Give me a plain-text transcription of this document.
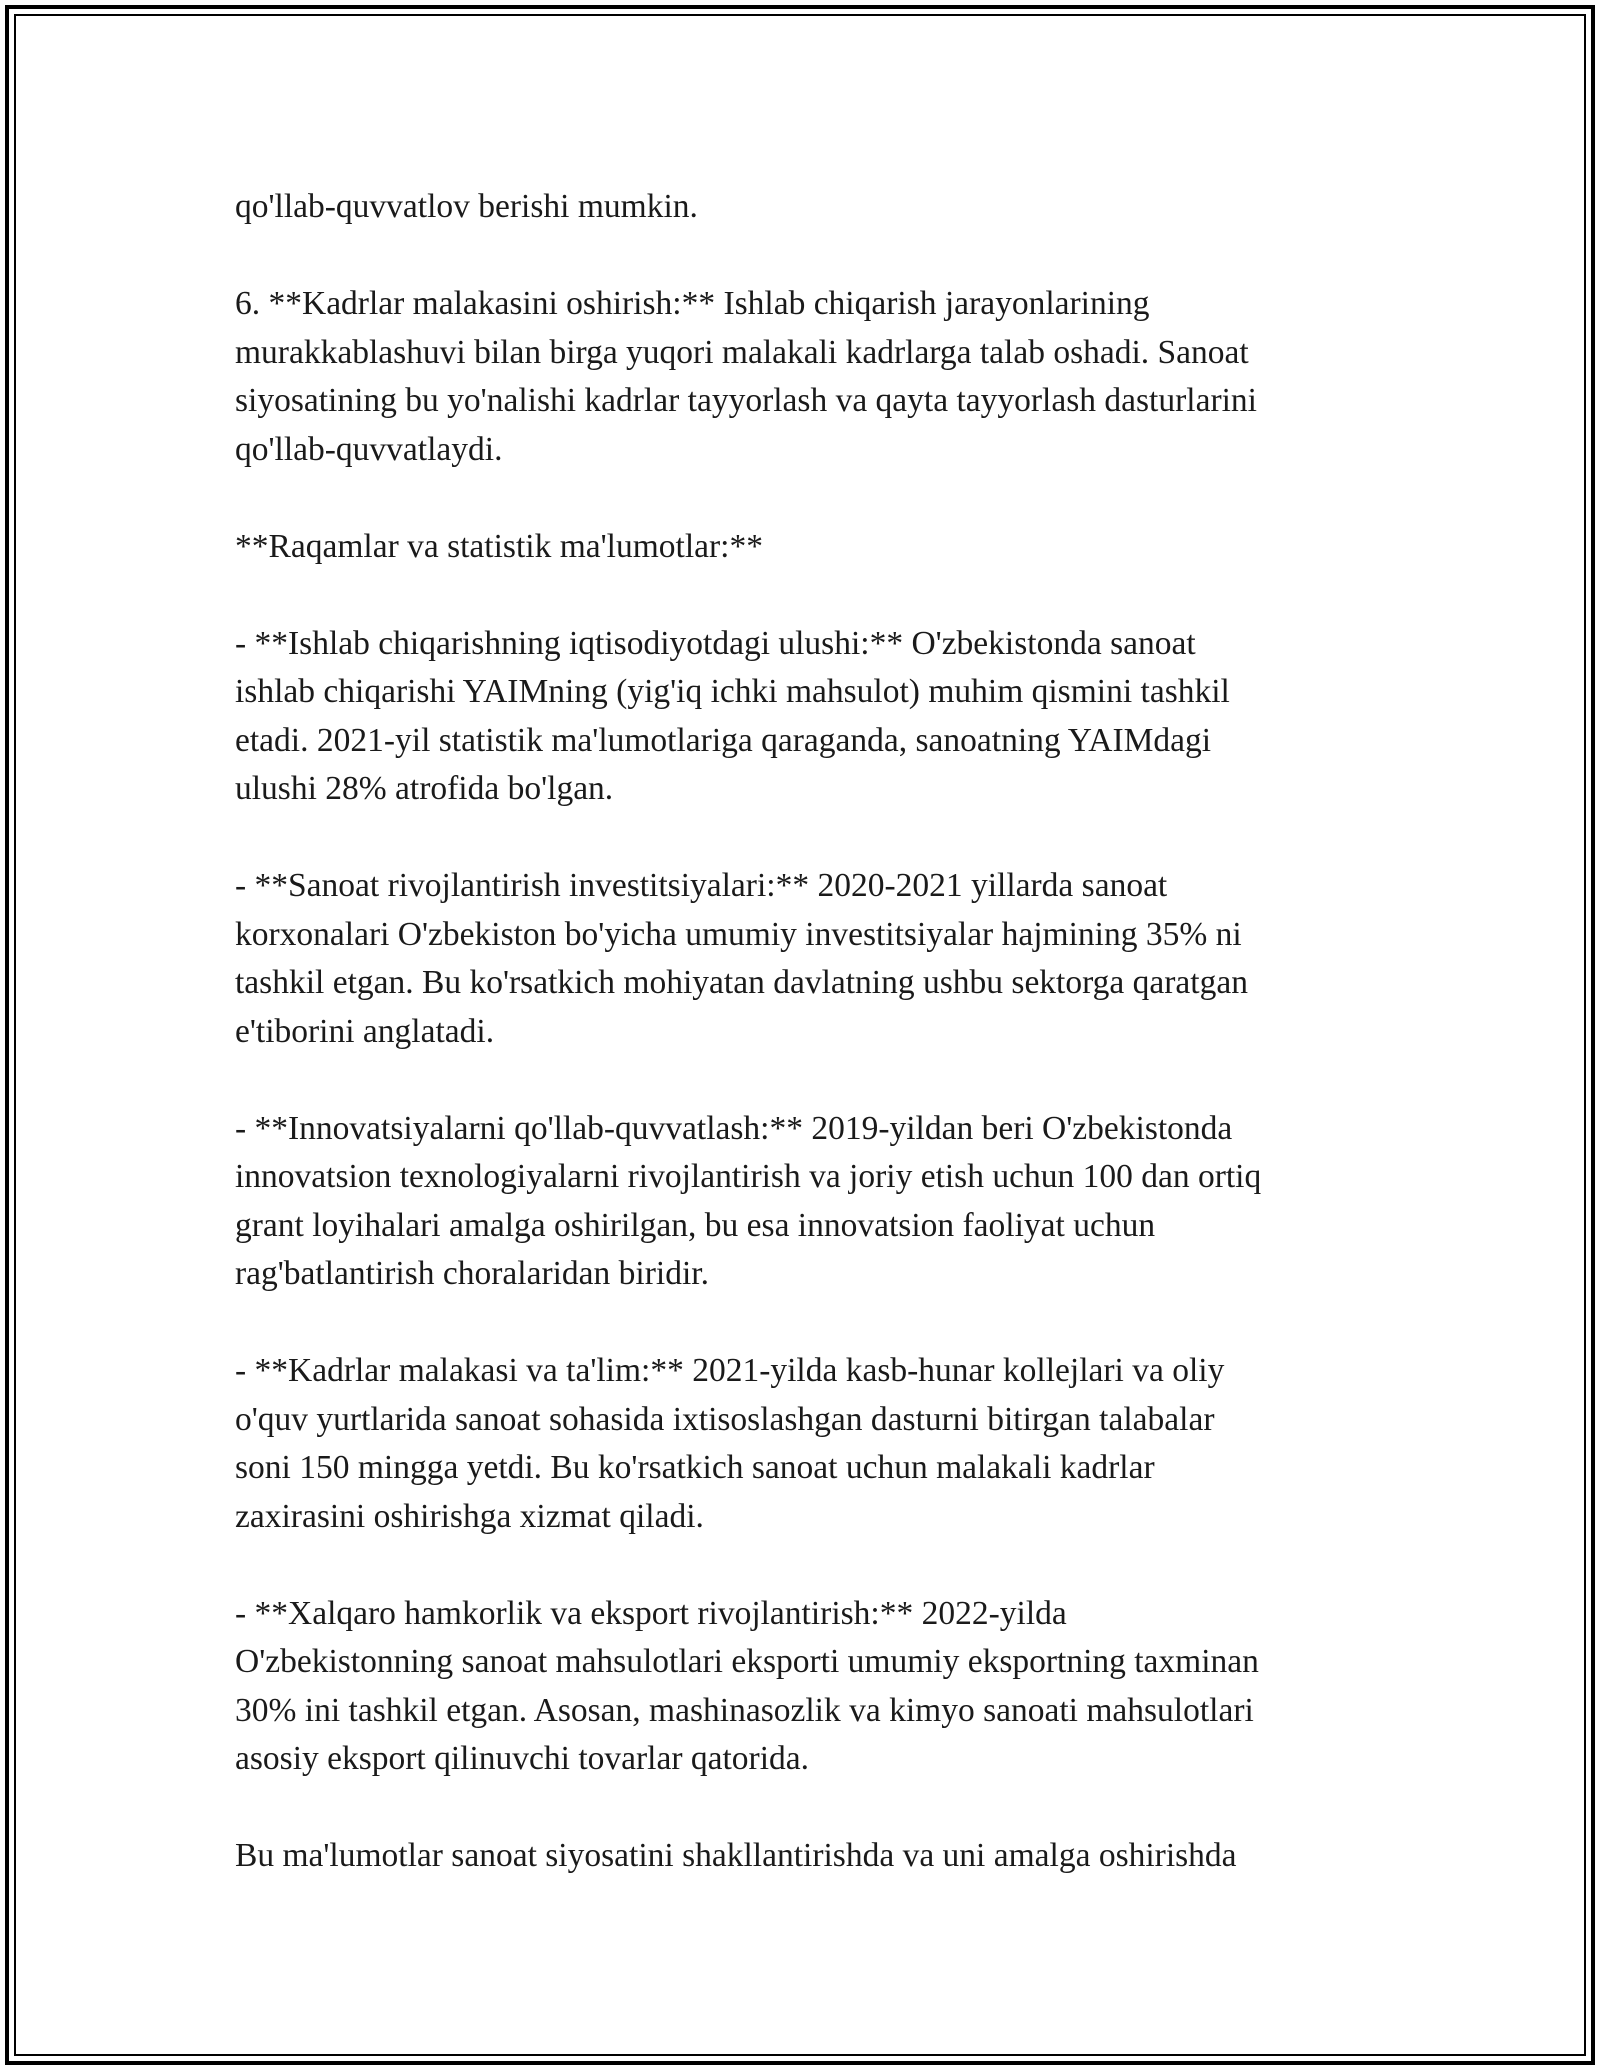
qo'llab-quvvatlov berishi mumkin.

6. **Kadrlar malakasini oshirish:** Ishlab chiqarish jarayonlarining
murakkablashuvi bilan birga yuqori malakali kadrlarga talab oshadi. Sanoat
siyosatining bu yo'nalishi kadrlar tayyorlash va qayta tayyorlash dasturlarini
qo'llab-quvvatlaydi.

**Raqamlar va statistik ma'lumotlar:**

- **Ishlab chiqarishning iqtisodiyotdagi ulushi:** O'zbekistonda sanoat
ishlab chiqarishi YAIMning (yig'iq ichki mahsulot) muhim qismini tashkil
etadi. 2021-yil statistik ma'lumotlariga qaraganda, sanoatning YAIMdagi
ulushi 28% atrofida bo'lgan.

- **Sanoat rivojlantirish investitsiyalari:** 2020-2021 yillarda sanoat
korxonalari O'zbekiston bo'yicha umumiy investitsiyalar hajmining 35% ni
tashkil etgan. Bu ko'rsatkich mohiyatan davlatning ushbu sektorga qaratgan
e'tiborini anglatadi.

- **Innovatsiyalarni qo'llab-quvvatlash:** 2019-yildan beri O'zbekistonda
innovatsion texnologiyalarni rivojlantirish va joriy etish uchun 100 dan ortiq
grant loyihalari amalga oshirilgan, bu esa innovatsion faoliyat uchun
rag'batlantirish choralaridan biridir.

- **Kadrlar malakasi va ta'lim:** 2021-yilda kasb-hunar kollejlari va oliy
o'quv yurtlarida sanoat sohasida ixtisoslashgan dasturni bitirgan talabalar
soni 150 mingga yetdi. Bu ko'rsatkich sanoat uchun malakali kadrlar
zaxirasini oshirishga xizmat qiladi.

- **Xalqaro hamkorlik va eksport rivojlantirish:** 2022-yilda
O'zbekistonning sanoat mahsulotlari eksporti umumiy eksportning taxminan
30% ini tashkil etgan. Asosan, mashinasozlik va kimyo sanoati mahsulotlari
asosiy eksport qilinuvchi tovarlar qatorida.

Bu ma'lumotlar sanoat siyosatini shakllantirishda va uni amalga oshirishda
